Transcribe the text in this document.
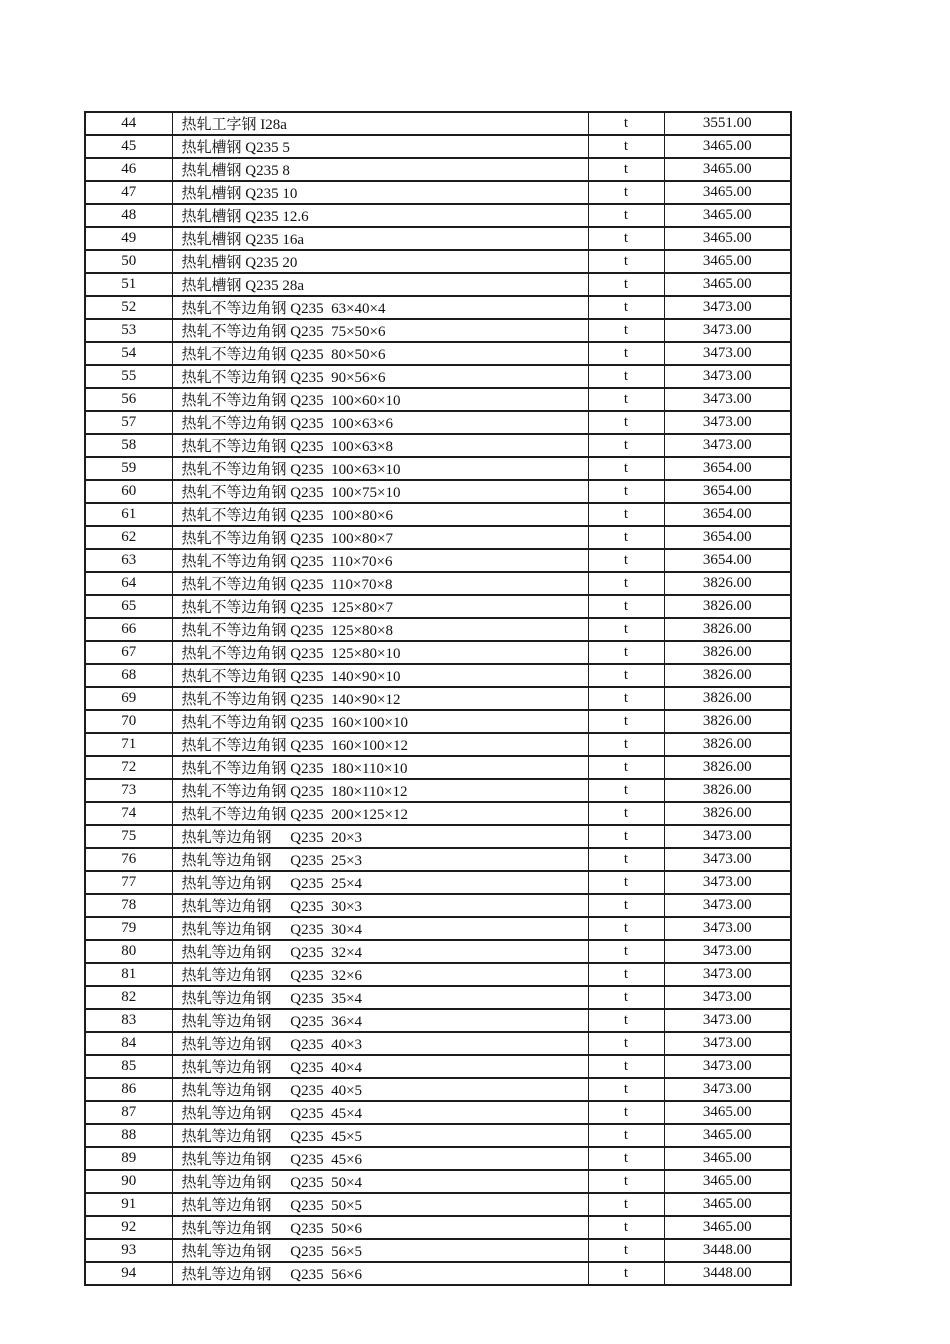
44	热轧工字钢 I28a	t	3551.00
45	热轧槽钢 Q235 5	t	3465.00
46	热轧槽钢 Q235 8	t	3465.00
47	热轧槽钢 Q235 10	t	3465.00
48	热轧槽钢 Q235 12.6	t	3465.00
49	热轧槽钢 Q235 16a	t	3465.00
50	热轧槽钢 Q235 20	t	3465.00
51	热轧槽钢 Q235 28a	t	3465.00
52	热轧不等边角钢 Q235  63×40×4	t	3473.00
53	热轧不等边角钢 Q235  75×50×6	t	3473.00
54	热轧不等边角钢 Q235  80×50×6	t	3473.00
55	热轧不等边角钢 Q235  90×56×6	t	3473.00
56	热轧不等边角钢 Q235  100×60×10	t	3473.00
57	热轧不等边角钢 Q235  100×63×6	t	3473.00
58	热轧不等边角钢 Q235  100×63×8	t	3473.00
59	热轧不等边角钢 Q235  100×63×10	t	3654.00
60	热轧不等边角钢 Q235  100×75×10	t	3654.00
61	热轧不等边角钢 Q235  100×80×6	t	3654.00
62	热轧不等边角钢 Q235  100×80×7	t	3654.00
63	热轧不等边角钢 Q235  110×70×6	t	3654.00
64	热轧不等边角钢 Q235  110×70×8	t	3826.00
65	热轧不等边角钢 Q235  125×80×7	t	3826.00
66	热轧不等边角钢 Q235  125×80×8	t	3826.00
67	热轧不等边角钢 Q235  125×80×10	t	3826.00
68	热轧不等边角钢 Q235  140×90×10	t	3826.00
69	热轧不等边角钢 Q235  140×90×12	t	3826.00
70	热轧不等边角钢 Q235  160×100×10	t	3826.00
71	热轧不等边角钢 Q235  160×100×12	t	3826.00
72	热轧不等边角钢 Q235  180×110×10	t	3826.00
73	热轧不等边角钢 Q235  180×110×12	t	3826.00
74	热轧不等边角钢 Q235  200×125×12	t	3826.00
75	热轧等边角钢　 Q235  20×3	t	3473.00
76	热轧等边角钢　 Q235  25×3	t	3473.00
77	热轧等边角钢　 Q235  25×4	t	3473.00
78	热轧等边角钢　 Q235  30×3	t	3473.00
79	热轧等边角钢　 Q235  30×4	t	3473.00
80	热轧等边角钢　 Q235  32×4	t	3473.00
81	热轧等边角钢　 Q235  32×6	t	3473.00
82	热轧等边角钢　 Q235  35×4	t	3473.00
83	热轧等边角钢　 Q235  36×4	t	3473.00
84	热轧等边角钢　 Q235  40×3	t	3473.00
85	热轧等边角钢　 Q235  40×4	t	3473.00
86	热轧等边角钢　 Q235  40×5	t	3473.00
87	热轧等边角钢　 Q235  45×4	t	3465.00
88	热轧等边角钢　 Q235  45×5	t	3465.00
89	热轧等边角钢　 Q235  45×6	t	3465.00
90	热轧等边角钢　 Q235  50×4	t	3465.00
91	热轧等边角钢　 Q235  50×5	t	3465.00
92	热轧等边角钢　 Q235  50×6	t	3465.00
93	热轧等边角钢　 Q235  56×5	t	3448.00
94	热轧等边角钢　 Q235  56×6	t	3448.00
